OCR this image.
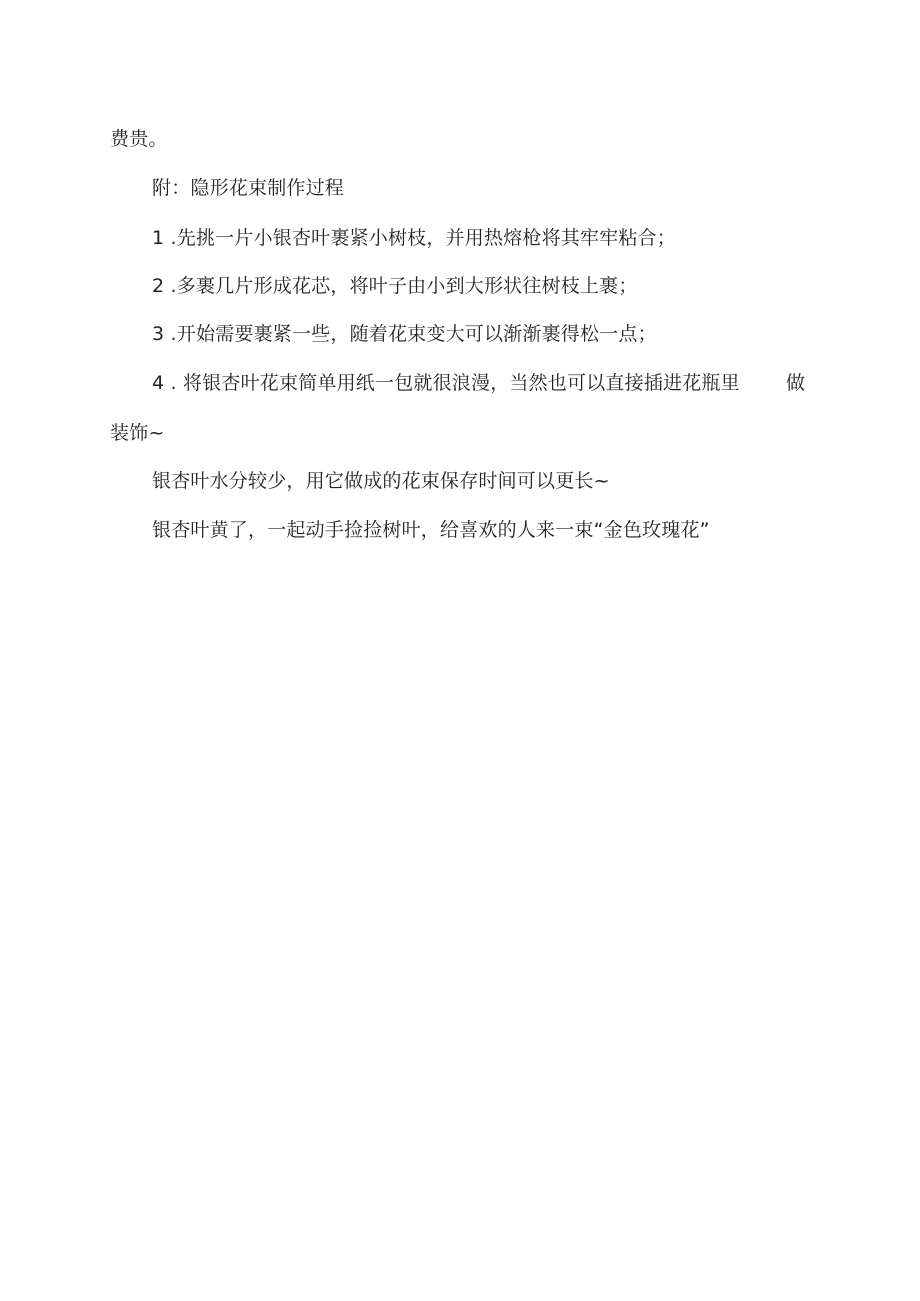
费贵。
附：隐形花束制作过程
1 .先挑一片小银杏叶裹紧小树枝，并用热熔枪将其牢牢粘合；
2 .多裹几片形成花芯，将叶子由小到大形状往树枝上裹；
3 .开始需要裹紧一些，随着花束变大可以渐渐裹得松一点；
4 . 将银杏叶花束简单用纸一包就很浪漫，当然也可以直接插进花瓶里 做
装饰~
银杏叶水分较少，用它做成的花束保存时间可以更长~
银杏叶黄了，一起动手捡捡树叶，给喜欢的人来一束“金色玫瑰花”
